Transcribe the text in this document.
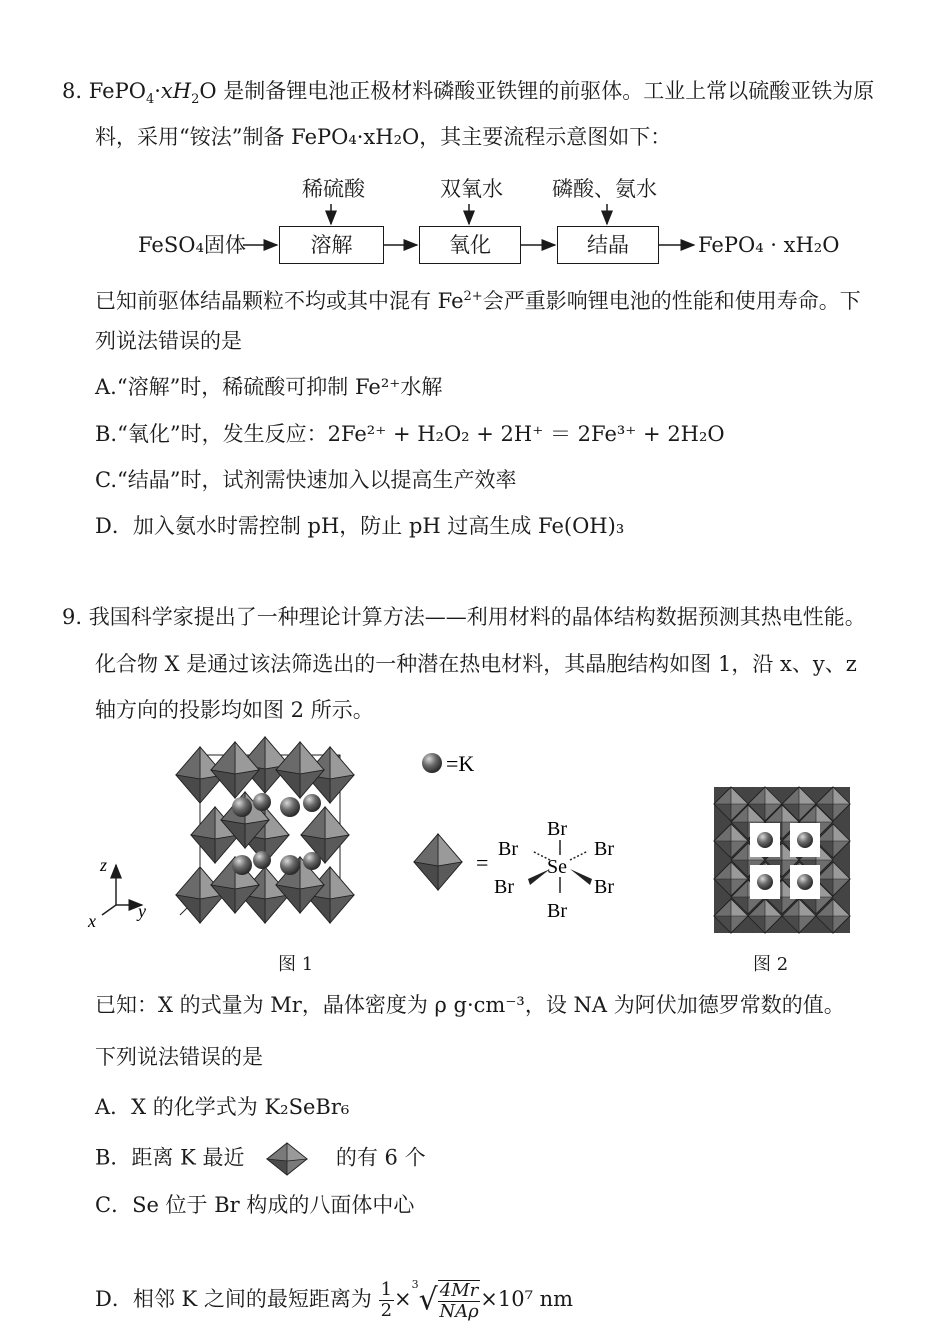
8. $FePO_4\cdot xH_2O$ 是制备锂电池正极材料磷酸亚铁锂的前驱体。工业上常以硫酸亚铁为原
料，采用“铵法”制备 FePO₄·xH₂O，其主要流程示意图如下：
稀硫酸	双氧水 磷酸、氨水
FeSO₄固体	溶解	氧化	结晶	FePO₄ · xH₂O
已知前驱体结晶颗粒不均或其中混有 $Fe^{2+}$会严重影响锂电池的性能和使用寿命。下
列说法错误的是
A.“溶解”时，稀硫酸可抑制 Fe²⁺水解
B.“氧化”时，发生反应：2Fe²⁺ + H₂O₂ + 2H⁺ ＝ 2Fe³⁺ + 2H₂O
C.“结晶”时，试剂需快速加入以提高生产效率
D．加入氨水时需控制 pH，防止 pH 过高生成 Fe(OH)₃
9. 我国科学家提出了一种理论计算方法——利用材料的晶体结构数据预测其热电性能。
化合物 X 是通过该法筛选出的一种潜在热电材料，其晶胞结构如图 1，沿 x、y、z
轴方向的投影均如图 2 所示。
z
x y
图 1
=K
=
Br
Br	Br
Se
Br	Br
Br
图 2
已知：X 的式量为 Mr，晶体密度为 ρ g·cm⁻³，设 NA 为阿伏加德罗常数的值。
下列说法错误的是
A．X 的化学式为 K₂SeBr₆
B．距离 K 最近	的有 6 个
C．Se 位于 Br 构成的八面体中心
D．相邻 K 之间的最短距离为 $\frac{1}{2} \times^3√ \frac{4Mr}{\text{NAρ}} \times 10^7$ nm
